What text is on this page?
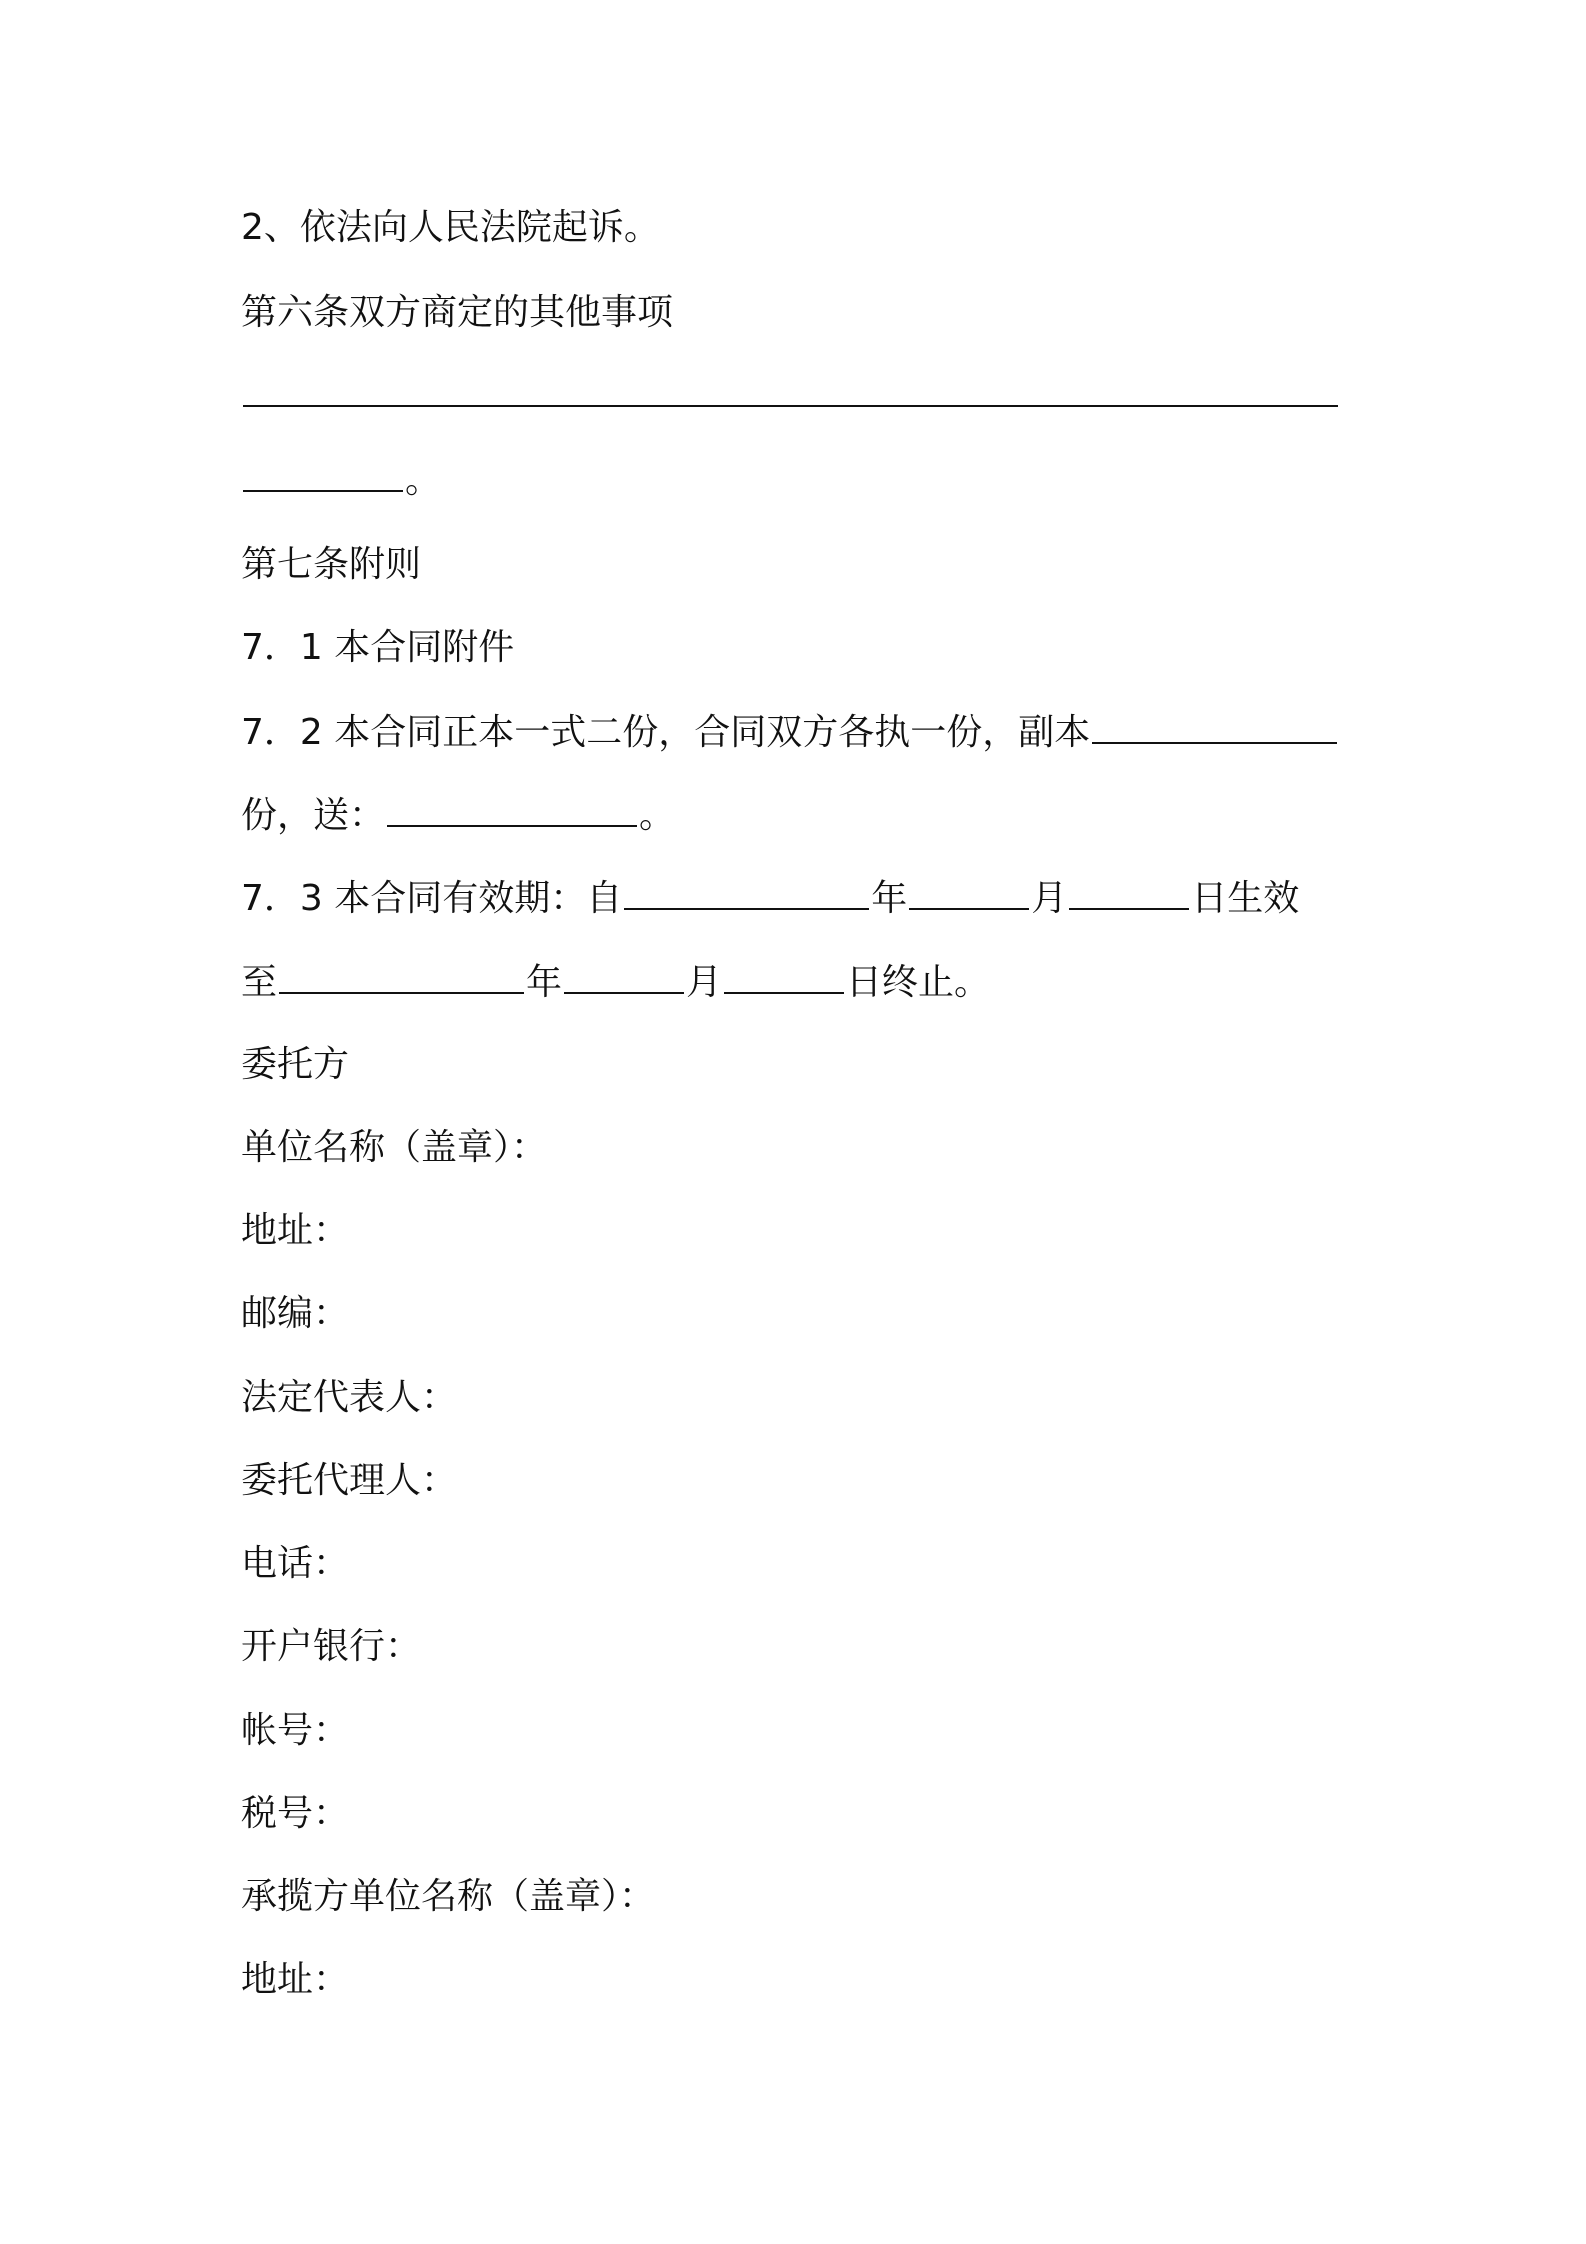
2、依法向人民法院起诉。
第六条双方商定的其他事项
。
第七条附则
7．1 本合同附件
7．2 本合同正本一式二份，合同双方各执一份，副本
份，送：	。
7．3 本合同有效期：自	年	月	日生效
至	年	月	日终止。
委托方
单位名称（盖章）：
地址：
邮编：
法定代表人：
委托代理人：
电话：
开户银行：
帐号：
税号：
承揽方单位名称（盖章）：
地址：
